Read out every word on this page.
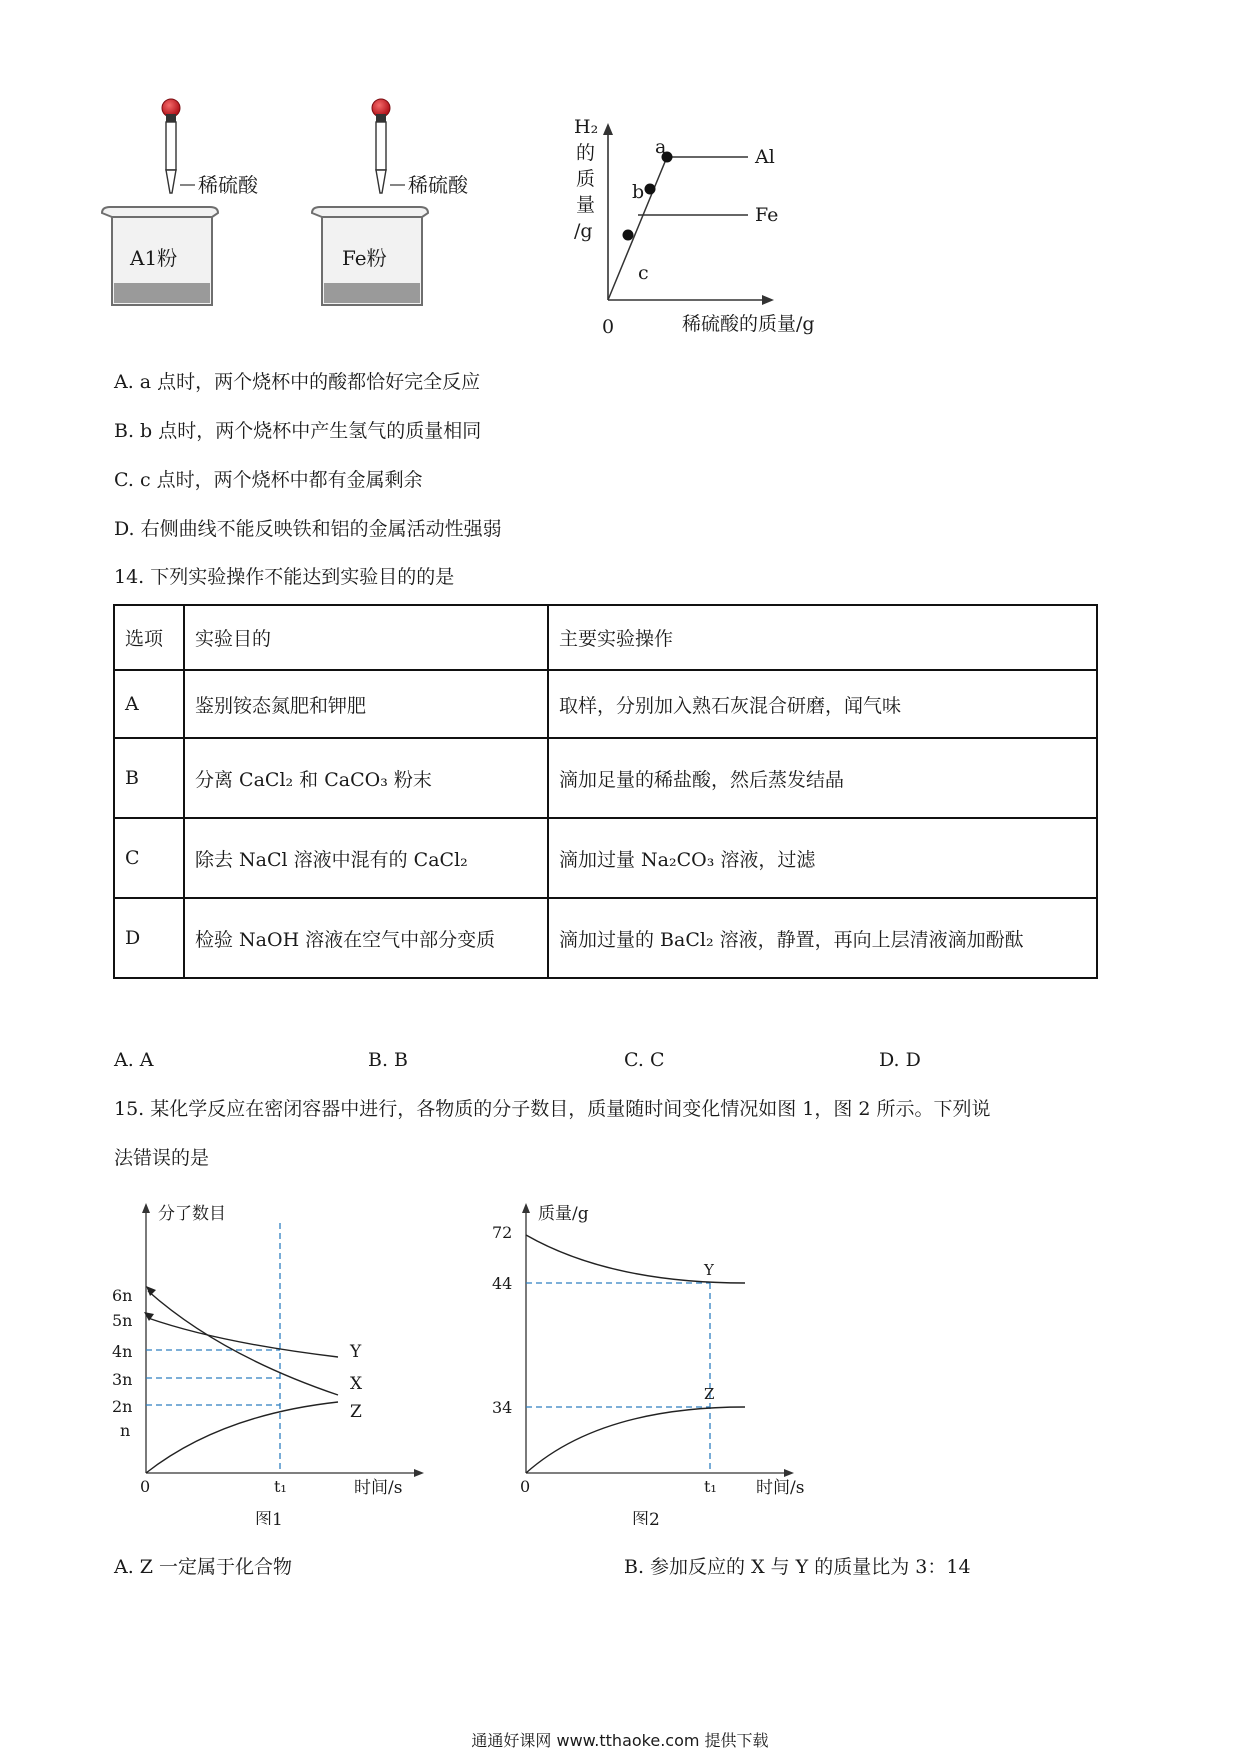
稀硫酸
A1粉
稀硫酸
Fe粉
H₂
的
质
量
/g
0	稀硫酸的质量/g
a
b
c
Al
Fe
A. a 点时，两个烧杯中的酸都恰好完全反应
B. b 点时，两个烧杯中产生氢气的质量相同
C. c 点时，两个烧杯中都有金属剩余
D. 右侧曲线不能反映铁和铝的金属活动性强弱
14. 下列实验操作不能达到实验目的的是
选项	实验目的	主要实验操作
A	鉴别铵态氮肥和钾肥	取样，分别加入熟石灰混合研磨，闻气味
B	分离 CaCl₂ 和 CaCO₃ 粉末	滴加足量的稀盐酸，然后蒸发结晶
C	除去 NaCl 溶液中混有的 CaCl₂	滴加过量 Na₂CO₃ 溶液，过滤
D	检验 NaOH 溶液在空气中部分变质	滴加过量的 BaCl₂ 溶液，静置，再向上层清液滴加酚酞
A. A	B. B	C. C	D. D
15. 某化学反应在密闭容器中进行，各物质的分子数目，质量随时间变化情况如图 1，图 2 所示。下列说
法错误的是
6n
5n
4n
3n
2n
n
0	t₁
分了数目
时间/s
Y
X
Z
图1
72
44
34
0	t₁
质量/g
时间/s
Y
Z
图2
A. Z 一定属于化合物	B. 参加反应的 X 与 Y 的质量比为 3：14
通通好课网 www.tthaoke.com 提供下载
